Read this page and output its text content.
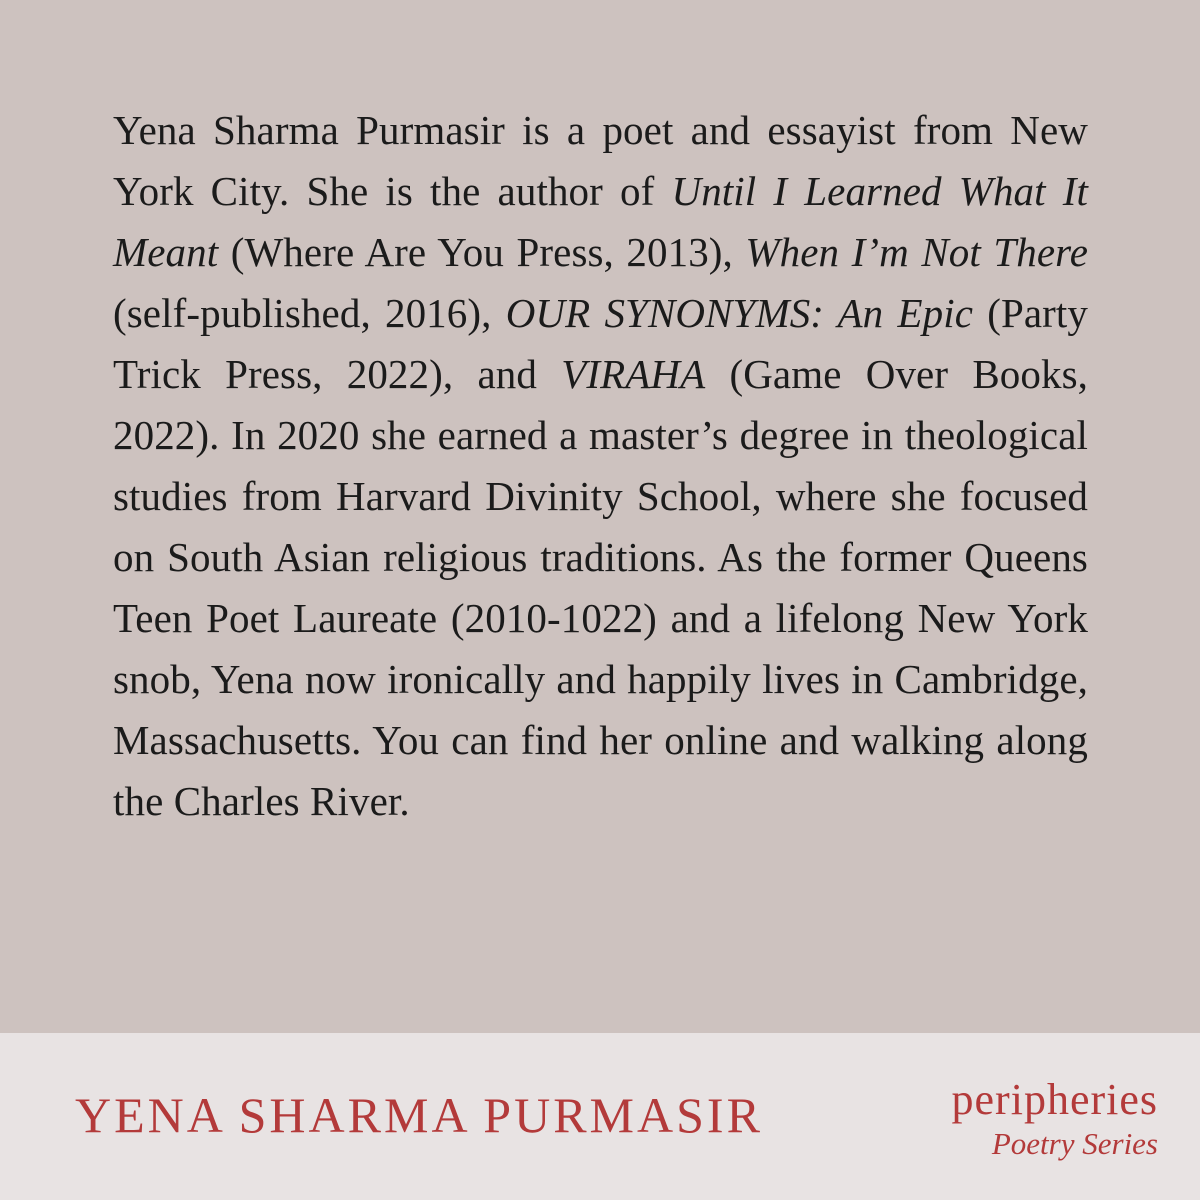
Yena Sharma Purmasir is a poet and essayist from New York City. She is the author of Until I Learned What It Meant (Where Are You Press, 2013), When I’m Not There (self-published, 2016), OUR SYNONYMS: An Epic (Party Trick Press, 2022), and VIRAHA (Game Over Books, 2022). In 2020 she earned a master’s degree in theological studies from Harvard Divinity School, where she focused on South Asian religious traditions. As the former Queens Teen Poet Laureate (2010-1022) and a lifelong New York snob, Yena now ironically and happily lives in Cambridge, Massachusetts. You can find her online and walking along the Charles River.

YENA SHARMA PURMASIR	peripheries
Poetry Series
